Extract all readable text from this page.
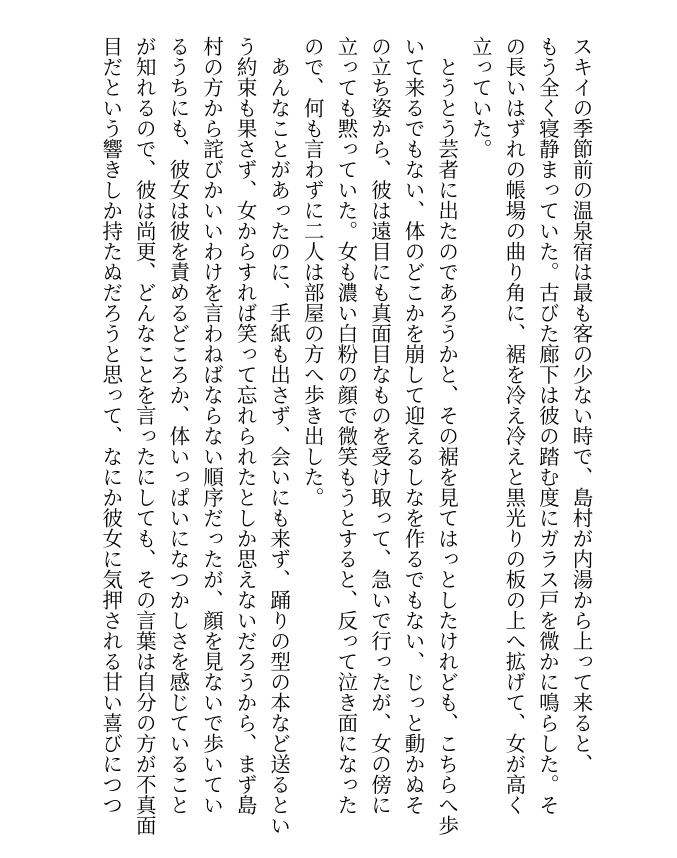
スキイの季節前の温泉宿は最も客の少ない時で、島村が内湯から上って来ると、
もう全く寝静まっていた。古びた廊下は彼の踏む度にガラス戸を微かに鳴らした。そ
の長いはずれの帳場の曲り角に、裾を冷え冷えと黒光りの板の上へ拡げて、女が高く
立っていた。
　とうとう芸者に出たのであろうかと、その裾を見てはっとしたけれども、こちらへ歩
いて来るでもない、体のどこかを崩して迎えるしなを作るでもない、じっと動かぬそ
の立ち姿から、彼は遠目にも真面目なものを受け取って、急いで行ったが、女の傍に
立っても黙っていた。女も濃い白粉の顔で微笑もうとすると、反って泣き面になった
ので、何も言わずに二人は部屋の方へ歩き出した。
　あんなことがあったのに、手紙も出さず、会いにも来ず、踊りの型の本など送るとい
う約束も果さず、女からすれば笑って忘れられたとしか思えないだろうから、まず島
村の方から詫びかいいわけを言わねばならない順序だったが、顔を見ないで歩いてい
るうちにも、彼女は彼を責めるどころか、体いっぱいになつかしさを感じていること
が知れるので、彼は尚更、どんなことを言ったにしても、その言葉は自分の方が不真面
目だという響きしか持たぬだろうと思って、なにか彼女に気押される甘い喜びにつつ
